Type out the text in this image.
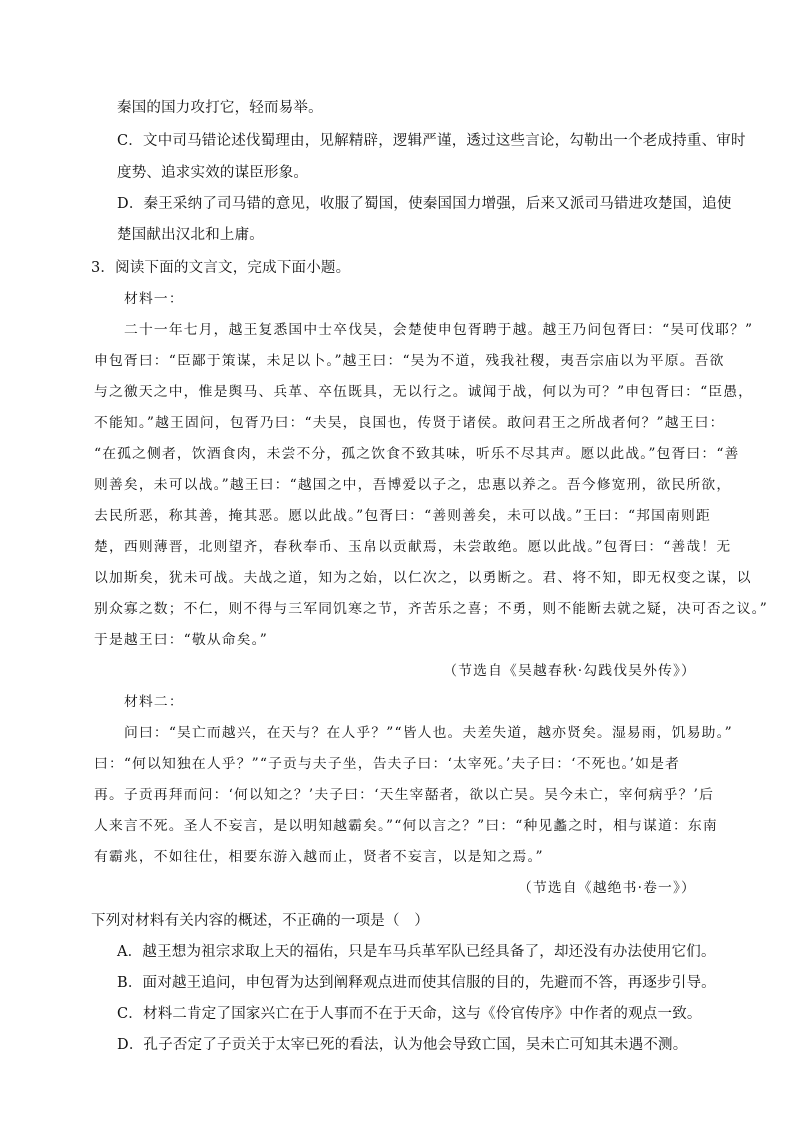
秦国的国力攻打它，轻而易举。

C．文中司马错论述伐蜀理由，见解精辟，逻辑严谨，透过这些言论，勾勒出一个老成持重、审时

度势、追求实效的谋臣形象。

D．秦王采纳了司马错的意见，收服了蜀国，使秦国国力增强，后来又派司马错进攻楚国，追使

楚国献出汉北和上庸。

3．阅读下面的文言文，完成下面小题。

材料一：

二十一年七月，越王复悉国中士卒伐吴，会楚使申包胥聘于越。越王乃问包胥曰：“吴可伐耶？”

申包胥曰：“臣鄙于策谋，未足以卜。”越王曰：“吴为不道，残我社稷，夷吾宗庙以为平原。吾欲

与之徼天之中，惟是舆马、兵革、卒伍既具，无以行之。诚闻于战，何以为可？”申包胥曰：“臣愚，

不能知。”越王固问，包胥乃曰：“夫吴，良国也，传贤于诸侯。敢问君王之所战者何？”越王曰：

“在孤之侧者，饮酒食肉，未尝不分，孤之饮食不致其味，听乐不尽其声。愿以此战。”包胥曰：“善

则善矣，未可以战。”越王曰：“越国之中，吾博爱以子之，忠惠以养之。吾今修宽刑，欲民所欲，

去民所恶，称其善，掩其恶。愿以此战。”包胥曰：“善则善矣，未可以战。”王曰：“邦国南则距

楚，西则薄晋，北则望齐，春秋奉币、玉帛以贡献焉，未尝敢绝。愿以此战。”包胥曰：“善哉！无

以加斯矣，犹未可战。夫战之道，知为之始，以仁次之，以勇断之。君、将不知，即无权变之谋，以

别众寡之数；不仁，则不得与三军同饥寒之节，齐苦乐之喜；不勇，则不能断去就之疑，决可否之议。”

于是越王曰：“敬从命矣。”

（节选自《吴越春秋·勾践伐吴外传》）

材料二：

问曰：“吴亡而越兴，在天与？在人乎？”“皆人也。夫差失道，越亦贤矣。湿易雨，饥易助。”

曰：“何以知独在人乎？”“子贡与夫子坐，告夫子曰：‘太宰死。’夫子曰：‘不死也。’如是者

再。子贡再拜而问：‘何以知之？’夫子曰：‘天生宰嚭者，欲以亡吴。吴今未亡，宰何病乎？’后

人来言不死。圣人不妄言，是以明知越霸矣。”“何以言之？”曰：“种见蠡之时，相与谋道：东南

有霸兆，不如往仕，相要东游入越而止，贤者不妄言，以是知之焉。”

（节选自《越绝书·卷一》）

下列对材料有关内容的概述，不正确的一项是（　）

A．越王想为祖宗求取上天的福佑，只是车马兵革军队已经具备了，却还没有办法使用它们。

B．面对越王追问，申包胥为达到阐释观点进而使其信服的目的，先避而不答，再逐步引导。

C．材料二肯定了国家兴亡在于人事而不在于天命，这与《伶官传序》中作者的观点一致。

D．孔子否定了子贡关于太宰已死的看法，认为他会导致亡国，吴未亡可知其未遇不测。
